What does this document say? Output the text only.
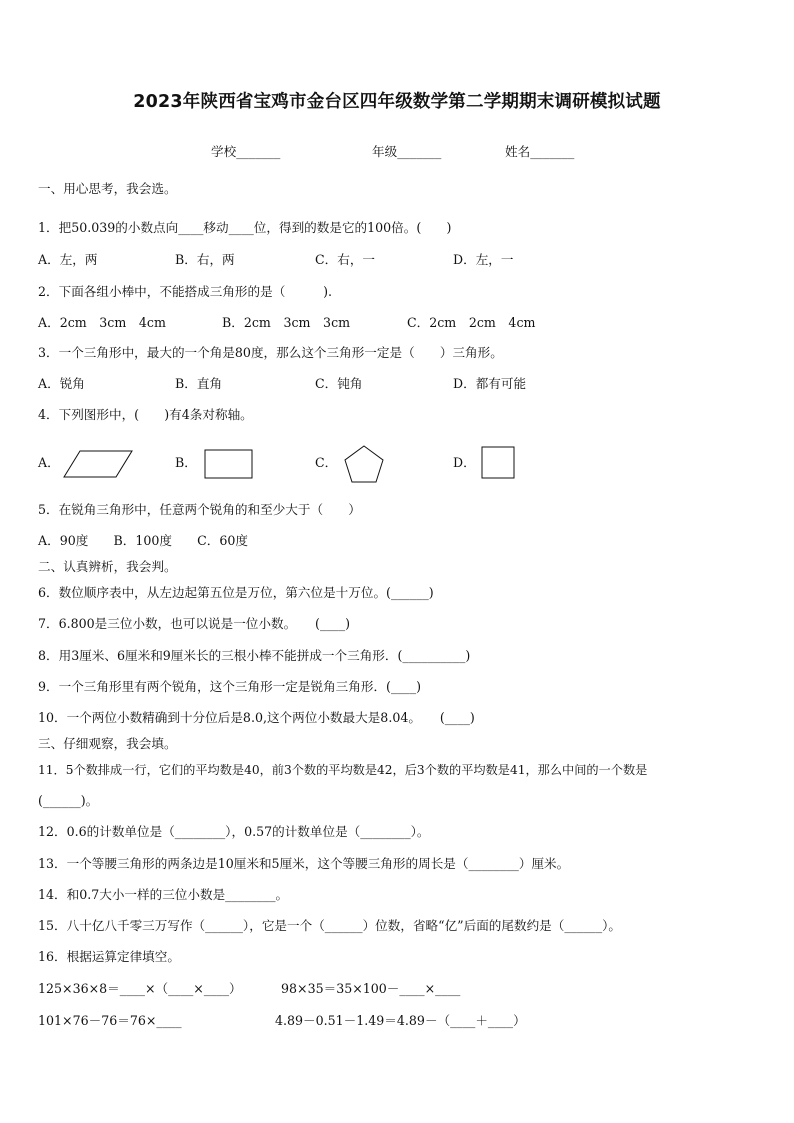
2023年陕西省宝鸡市金台区四年级数学第二学期期末调研模拟试题
学校_______	年级_______	姓名_______
一、用心思考，我会选。
1．把50.039的小数点向____移动____位，得到的数是它的100倍。(　　)
A．左，两	B．右，两	C．右，一	D．左，一
2．下面各组小棒中，不能搭成三角形的是（　　　).
A．2cm　3cm　4cm	B．2cm　3cm　3cm	C．2cm　2cm　4cm
3．一个三角形中，最大的一个角是80度，那么这个三角形一定是（　　）三角形。
A．锐角	B．直角	C．钝角	D．都有可能
4．下列图形中，(　　)有4条对称轴。
A．	B．	C．	D．
5．在锐角三角形中，任意两个锐角的和至少大于（　　）
A．90度　　B．100度　　C．60度
二、认真辨析，我会判。
6．数位顺序表中，从左边起第五位是万位，第六位是十万位。(______)
7．6.800是三位小数，也可以说是一位小数。　　(____)
8．用3厘米、6厘米和9厘米长的三根小棒不能拼成一个三角形．(__________)
9．一个三角形里有两个锐角，这个三角形一定是锐角三角形．(____)
10．一个两位小数精确到十分位后是8.0,这个两位小数最大是8.04。　　(____)
三、仔细观察，我会填。
11．5个数排成一行，它们的平均数是40，前3个数的平均数是42，后3个数的平均数是41，那么中间的一个数是
(______)。
12．0.6的计数单位是（________），0.57的计数单位是（________）。
13．一个等腰三角形的两条边是10厘米和5厘米，这个等腰三角形的周长是（________）厘米。
14．和0.7大小一样的三位小数是________。
15．八十亿八千零三万写作（______），它是一个（______）位数，省略“亿”后面的尾数约是（______）。
16．根据运算定律填空。
125×36×8＝____×（____×____）	98×35＝35×100－____×____
101×76－76＝76×____	4.89－0.51－1.49＝4.89－（____＋____）
